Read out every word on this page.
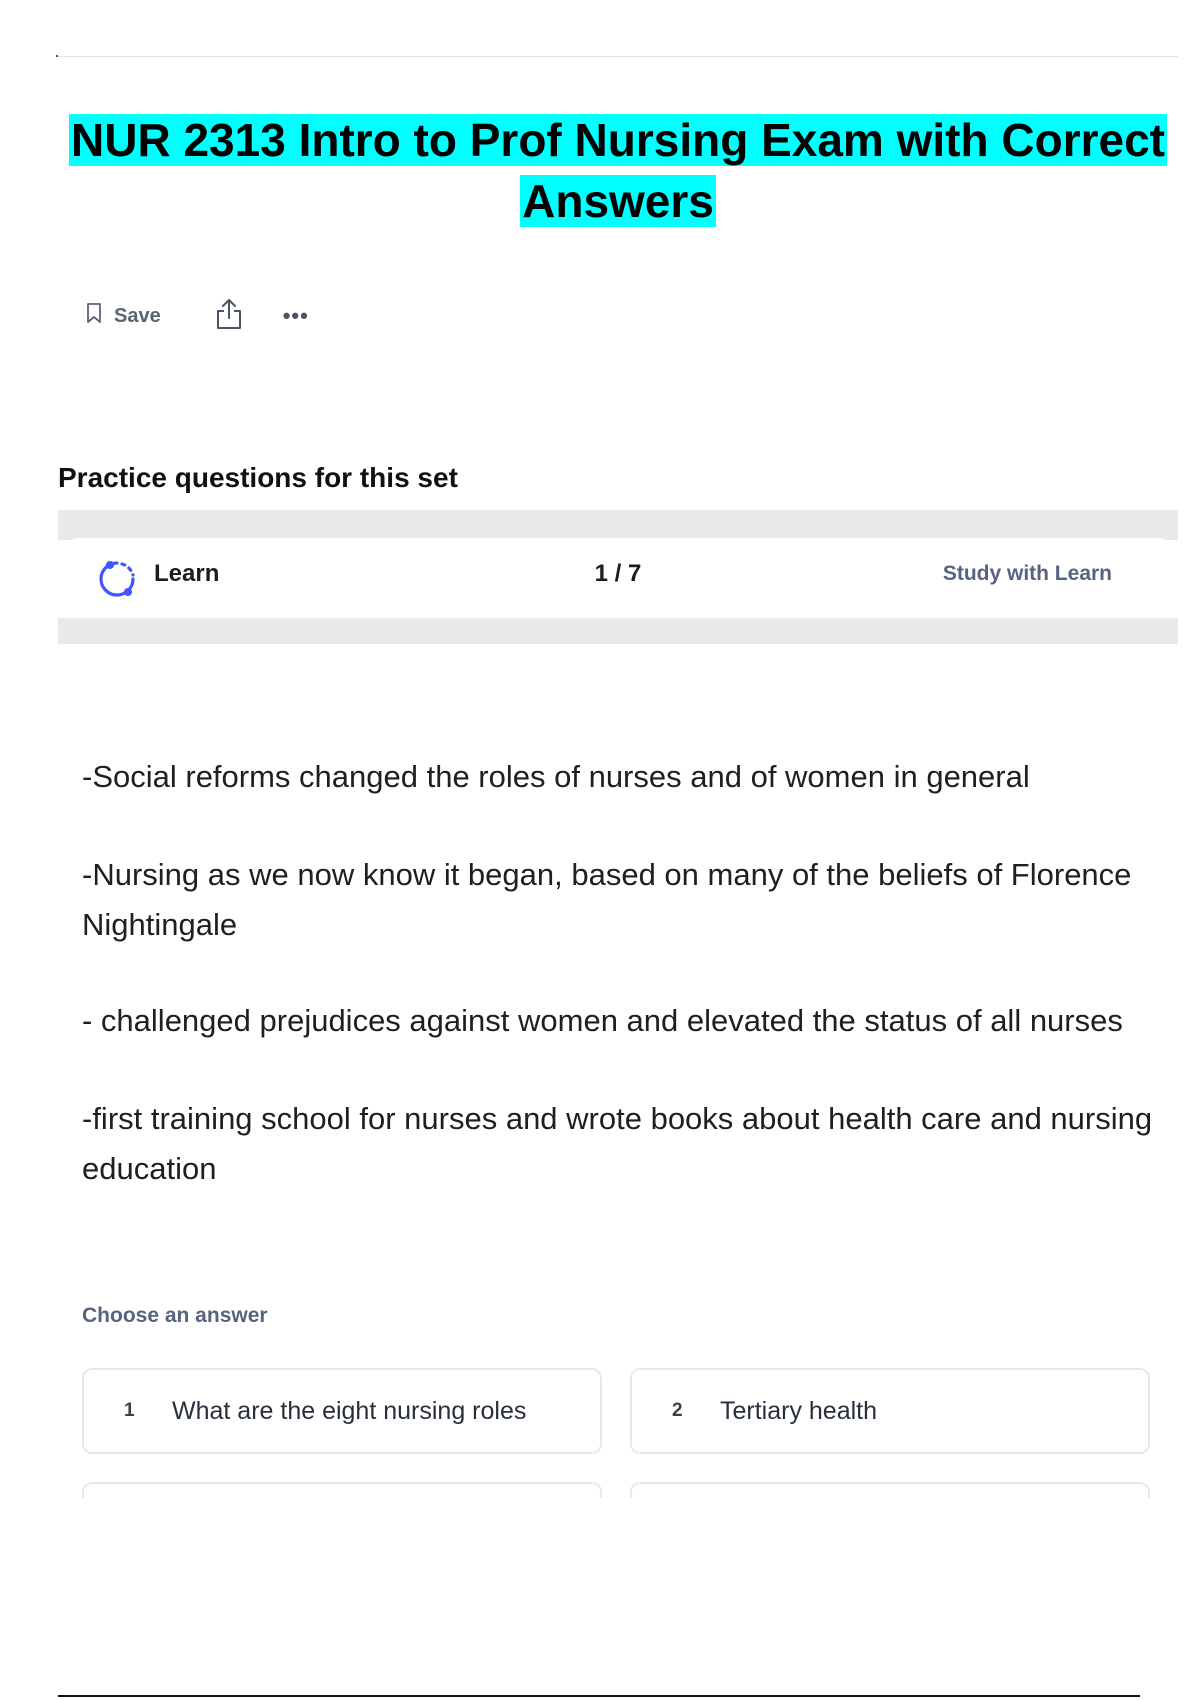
NUR 2313 Intro to Prof Nursing Exam with Correct Answers
Save	•••
Practice questions for this set
Learn	1 / 7	Study with Learn

-Social reforms changed the roles of nurses and of women in general

-Nursing as we now know it began, based on many of the beliefs of Florence Nightingale

- challenged prejudices against women and elevated the status of all nurses

-first training school for nurses and wrote books about health care and nursing education

Choose an answer
1	What are the eight nursing roles	2	Tertiary health
